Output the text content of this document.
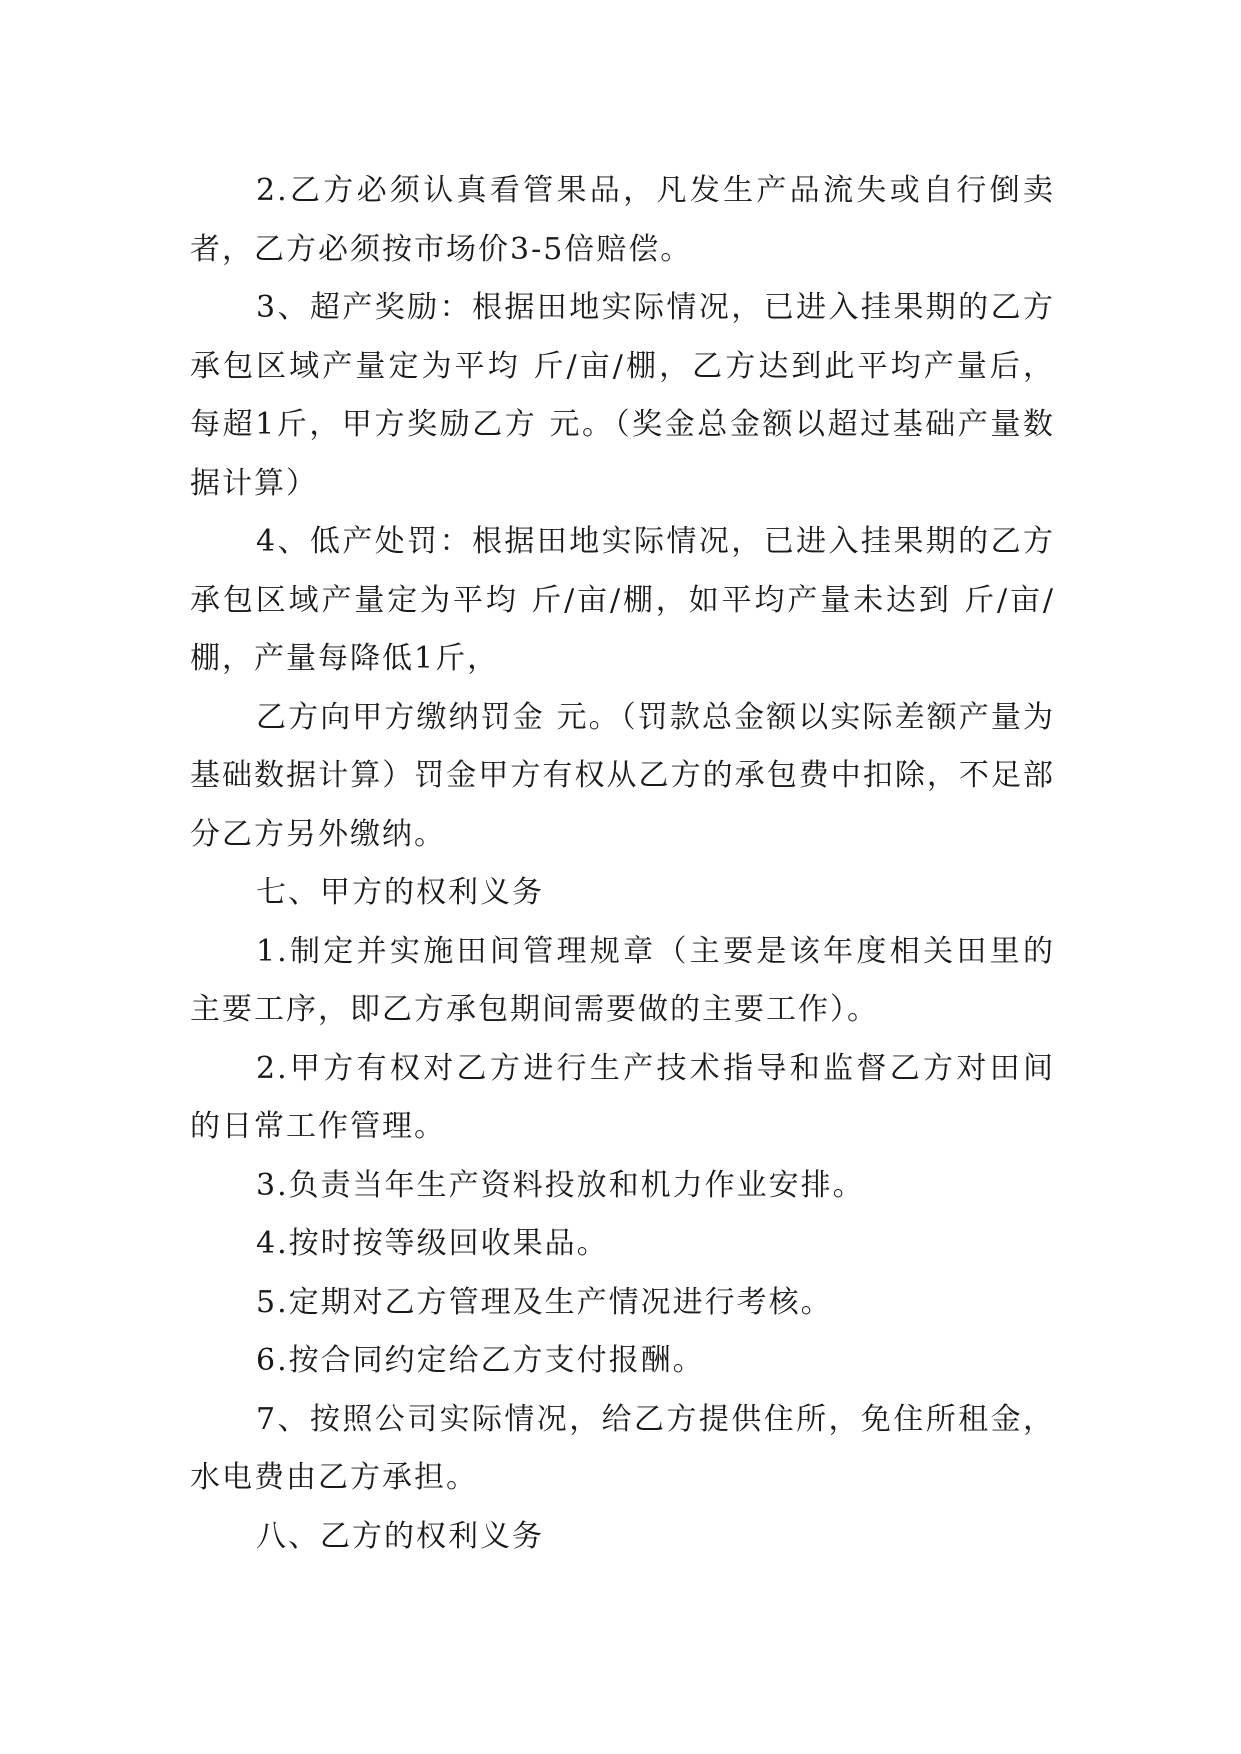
2.乙方必须认真看管果品，凡发生产品流失或自行倒卖者，乙方必须按市场价3-5倍赔偿。

3、超产奖励：根据田地实际情况，已进入挂果期的乙方承包区域产量定为平均 斤/亩/棚，乙方达到此平均产量后，每超1斤，甲方奖励乙方 元。（奖金总金额以超过基础产量数据计算）

4、低产处罚：根据田地实际情况，已进入挂果期的乙方承包区域产量定为平均 斤/亩/棚，如平均产量未达到 斤/亩/棚，产量每降低1斤，

乙方向甲方缴纳罚金 元。（罚款总金额以实际差额产量为基础数据计算）罚金甲方有权从乙方的承包费中扣除，不足部分乙方另外缴纳。

七、甲方的权利义务

1.制定并实施田间管理规章（主要是该年度相关田里的主要工序，即乙方承包期间需要做的主要工作）。

2.甲方有权对乙方进行生产技术指导和监督乙方对田间的日常工作管理。

3.负责当年生产资料投放和机力作业安排。

4.按时按等级回收果品。

5.定期对乙方管理及生产情况进行考核。

6.按合同约定给乙方支付报酬。

7、按照公司实际情况，给乙方提供住所，免住所租金，水电费由乙方承担。

八、乙方的权利义务
